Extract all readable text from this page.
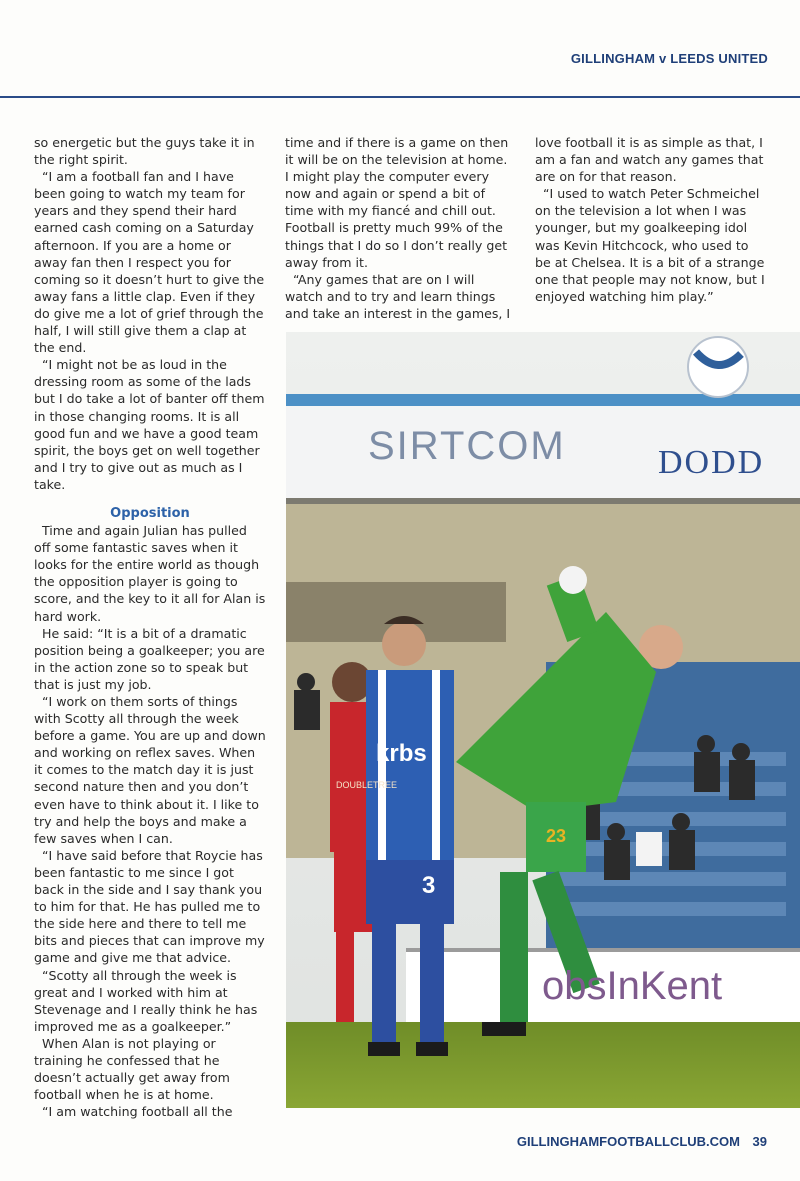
GILLINGHAM v LEEDS UNITED

so energetic but the guys take it in the right spirit.

“I am a football fan and I have been going to watch my team for years and they spend their hard earned cash coming on a Saturday afternoon. If you are a home or away fan then I respect you for coming so it doesn’t hurt to give the away fans a little clap. Even if they do give me a lot of grief through the half, I will still give them a clap at the end.

“I might not be as loud in the dressing room as some of the lads but I do take a lot of banter off them in those changing rooms. It is all good fun and we have a good team spirit, the boys get on well together and I try to give out as much as I take.

Opposition

Time and again Julian has pulled off some fantastic saves when it looks for the entire world as though the opposition player is going to score, and the key to it all for Alan is hard work.

He said: “It is a bit of a dramatic position being a goalkeeper; you are in the action zone so to speak but that is just my job.

“I work on them sorts of things with Scotty all through the week before a game. You are up and down and working on reflex saves. When it comes to the match day it is just second nature then and you don’t even have to think about it. I like to try and help the boys and make a few saves when I can.

“I have said before that Roycie has been fantastic to me since I got back in the side and I say thank you to him for that. He has pulled me to the side here and there to tell me bits and pieces that can improve my game and give me that advice.

“Scotty all through the week is great and I worked with him at Stevenage and I really think he has improved me as a goalkeeper.”

When Alan is not playing or training he confessed that he doesn’t actually get away from football when he is at home.

“I am watching football all the

time and if there is a game on then it will be on the television at home. I might play the computer every now and again or spend a bit of time with my fiancé and chill out. Football is pretty much 99% of the things that I do so I don’t really get away from it.

“Any games that are on I will watch and to try and learn things and take an interest in the games, I

love football it is as simple as that, I am a fan and watch any games that are on for that reason.

“I used to watch Peter Schmeichel on the television a lot when I was younger, but my goalkeeping idol was Kevin Hitchcock, who used to be at Chelsea. It is a bit of a strange one that people may not know, but I enjoyed watching him play.”

SIRTCOM	DODD
obsInKent
krbs
DOUBLETREE
3
23
GILLINGHAMFOOTBALLCLUB.COM 39
